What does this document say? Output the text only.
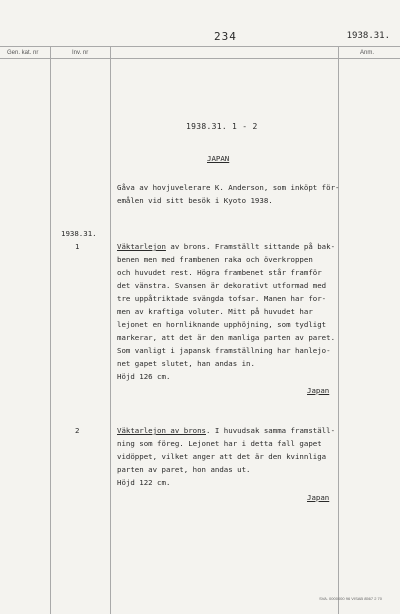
234	1938.31.
Gen. kat. nr	Inv. nr	Anm.
1938.31. 1 - 2
JAPAN
Gåva av hovjuvelerare K. Anderson, som inköpt för-
emålen vid sitt besök i Kyoto 1938.
1938.31.
1	Väktarlejon av brons. Framställt sittande på bak-
benen men med frambenen raka och överkroppen
och huvudet rest. Högra frambenet står framför
det vänstra. Svansen är dekorativt utformad med
tre uppåtriktade svängda tofsar. Manen har for-
men av kraftiga voluter. Mitt på huvudet har
lejonet en hornliknande upphöjning, som tydligt
markerar, att det är den manliga parten av paret.
Som vanligt i japansk framställning har hanlejo-
net gapet slutet, han andas in.
Höjd 126 cm.
Japan
2	Väktarlejon av brons. I huvudsak samma framställ-
ning som föreg. Lejonet har i detta fall gapet
vidöppet, vilket anger att det är den kvinnliga
parten av paret, hon andas ut.
Höjd 122 cm.
Japan
SVA. 0000000 96 VISAB 8567 2 70
